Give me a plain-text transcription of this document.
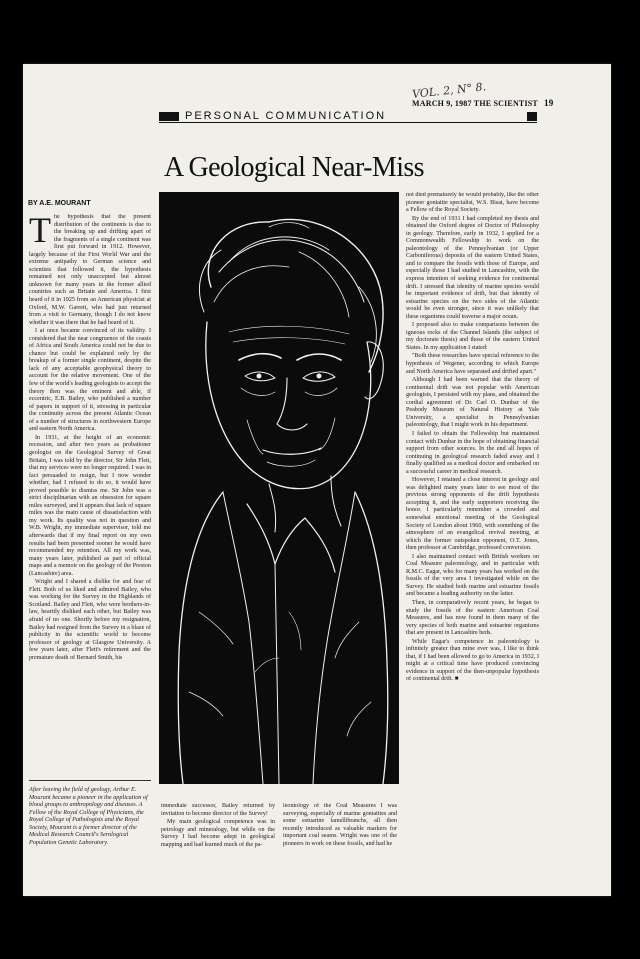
VOL. 2, N° 8.
MARCH 9, 1987 THE SCIENTIST 19
PERSONAL COMMUNICATION
A Geological Near-Miss
BY A.E. MOURANT
T he hypothesis that the present distribution of the continents is due to the breaking up and drifting apart of the fragments of a single continent was first put forward in 1912. However, largely because of the First World War and the extreme antipathy to German science and scientists that followed it, the hypothesis remained not only unaccepted but almost unknown for many years in the former allied countries such as Britain and America. I first heard of it in 1925 from an American physicist at Oxford, M.W. Garrett, who had just returned from a visit to Germany, though I do not know whether it was there that he had heard of it.

I at once became convinced of its validity. I considered that the near congruence of the coasts of Africa and South America could not be due to chance but could be explained only by the breakup of a former single continent, despite the lack of any acceptable geophysical theory to account for the relative movement. One of the few of the world's leading geologists to accept the theory then was the eminent and able, if eccentric, E.B. Bailey, who published a number of papers in support of it, stressing in particular the continuity across the present Atlantic Ocean of a number of structures in northwestern Europe and eastern North America.

In 1931, at the height of an economic recession, and after two years as probationer geologist on the Geological Survey of Great Britain, I was told by the director, Sir John Flett, that my services were no longer required. I was in fact persuaded to resign, but I now wonder whether, had I refused to do so, it would have proved possible to dismiss me. Sir John was a strict disciplinarian with an obsession for square miles surveyed, and it appears that lack of square miles was the main cause of dissatisfaction with my work. Its quality was not in question and W.B. Wright, my immediate supervisor, told me afterwards that if my final report on my own results had been presented sooner he would have recommended my retention. All my work was, many years later, published as part of official maps and a memoir on the geology of the Preston (Lancashire) area.

Wright and I shared a dislike for and fear of Flett. Both of us liked and admired Bailey, who was working for the Survey in the Highlands of Scotland. Bailey and Flett, who were brothers-in-law, heartily disliked each other, but Bailey was afraid of no one. Shortly before my resignation, Bailey had resigned from the Survey in a blaze of publicity in the scientific world to become professor of geology at Glasgow University. A few years later, after Flett's retirement and the premature death of Bernard Smith, his

After leaving the field of geology, Arthur E. Mourant became a pioneer in the application of blood groups to anthropology and diseases. A Fellow of the Royal College of Physicians, the Royal College of Pathologists and the Royal Society, Mourant is a former director of the Medical Research Council's Serological Population Genetic Laboratory.

immediate successor, Bailey returned by invitation to become director of the Survey!

My main geological competence was in petrology and mineralogy, but while on the Survey I had become adept in geological mapping and had learned much of the pa-

leontology of the Coal Measures I was surveying, especially of marine goniatites and some estuarine lamellibranchs, all then recently introduced as valuable markers for important coal seams. Wright was one of the pioneers in work on these fossils, and had he

not died prematurely he would probably, like the other pioneer goniatite specialist, W.S. Bisat, have become a Fellow of the Royal Society.

By the end of 1931 I had completed my thesis and obtained the Oxford degree of Doctor of Philosophy in geology. Therefore, early in 1932, I applied for a Commonwealth Fellowship to work on the paleontology of the Pennsylvanian (or Upper Carboniferous) deposits of the eastern United States, and to compare the fossils with those of Europe, and especially those I had studied in Lancashire, with the express intention of seeking evidence for continental drift. I stressed that identity of marine species would be important evidence of drift, but that identity of estuarine species on the two sides of the Atlantic would be even stronger, since it was unlikely that these organisms could traverse a major ocean.

I proposed also to make comparisons between the igneous rocks of the Channel Islands (the subject of my doctorate thesis) and those of the eastern United States. In my application I stated:

"Both these researches have special reference to the hypothesis of Wegener, according to which Europe and North America have separated and drifted apart."

Although I had been warned that the theory of continental drift was not popular with American geologists, I persisted with my plans, and obtained the cordial agreement of Dr. Carl O. Dunbar of the Peabody Museum of Natural History at Yale University, a specialist in Pennsylvanian paleontology, that I might work in his department.

I failed to obtain the Fellowship but maintained contact with Dunbar in the hope of obtaining financial support from other sources. In the end all hopes of continuing in geological research faded away and I finally qualified as a medical doctor and embarked on a successful career in medical research.

However, I retained a close interest in geology and was delighted many years later to see most of the previous strong opponents of the drift hypothesis accepting it, and the early supporters receiving the honor. I particularly remember a crowded and somewhat emotional meeting of the Geological Society of London about 1960, with something of the atmosphere of an evangelical revival meeting, at which the former outspoken opponent, O.T. Jones, then professor at Cambridge, professed conversion.

I also maintained contact with British workers on Coal Measure paleontology, and in particular with R.M.C. Eagar, who for many years has worked on the fossils of the very area I investigated while on the Survey. He studied both marine and estuarine fossils and became a leading authority on the latter.

Then, in comparatively recent years, he began to study the fossils of the eastern American Coal Measures, and has now found in them many of the very species of both marine and estuarine organisms that are present in Lancashire beds.

While Eagar's competence in paleontology is infinitely greater than mine ever was, I like to think that, if I had been allowed to go to America in 1932, I might at a critical time have produced convincing evidence in support of the then-unpopular hypothesis of continental drift. ■
